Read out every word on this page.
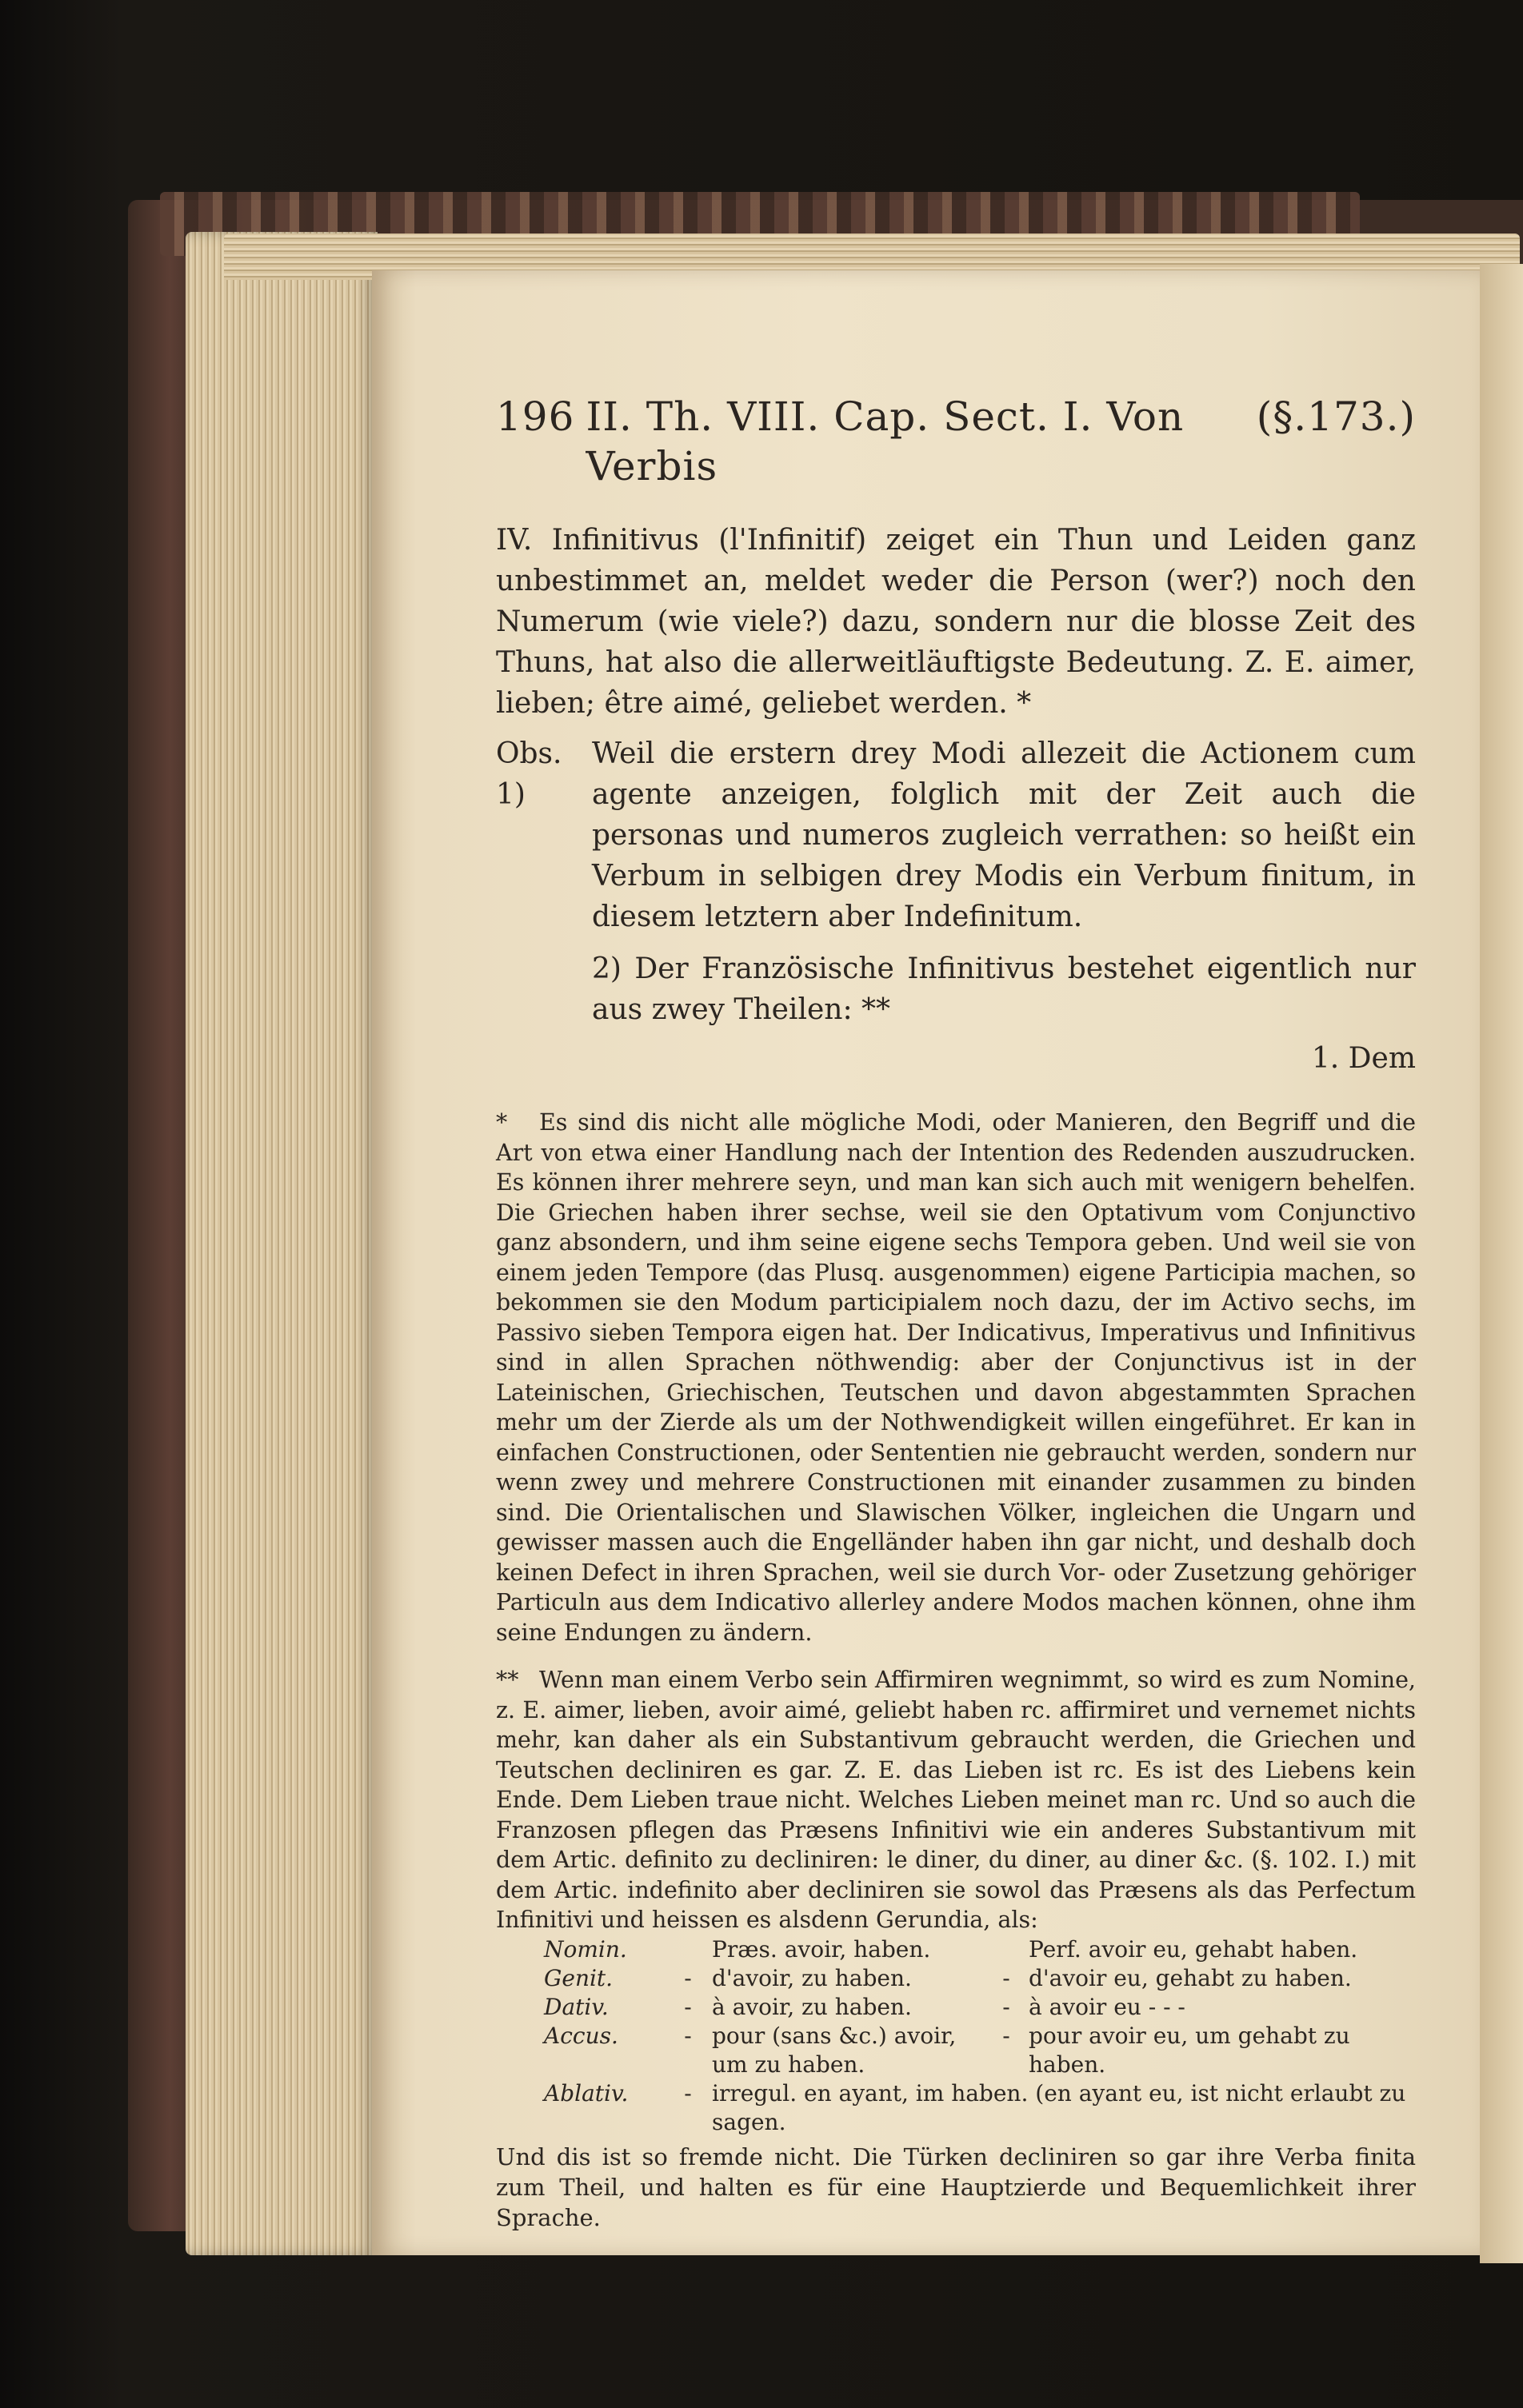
196 II. Th. VIII. Cap. Sect. I. Von Verbis
(§.173.)

IV. Infinitivus (l'Infinitif) zeiget ein Thun und Leiden ganz unbestimmet an, meldet weder die Person (wer?) noch den Numerum (wie viele?) dazu, sondern nur die blosse Zeit des Thuns, hat also die allerweitläuftigste Bedeutung. Z. E. aimer, lieben; être aimé, geliebet werden. *

Obs. 1)
Weil die erstern drey Modi allezeit die Actionem cum agente anzeigen, folglich mit der Zeit auch die personas und numeros zugleich verrathen: so heißt ein Verbum in selbigen drey Modis ein Verbum finitum, in diesem letztern aber Indefinitum.

2) Der Französische Infinitivus bestehet eigentlich nur aus zwey Theilen: **

1. Dem

* Es sind dis nicht alle mögliche Modi, oder Manieren, den Begriff und die Art von etwa einer Handlung nach der Intention des Redenden auszudrucken. Es können ihrer mehrere seyn, und man kan sich auch mit wenigern behelfen. Die Griechen haben ihrer sechse, weil sie den Optativum vom Conjunctivo ganz absondern, und ihm seine eigene sechs Tempora geben. Und weil sie von einem jeden Tempore (das Plusq. ausgenommen) eigene Participia machen, so bekommen sie den Modum participialem noch dazu, der im Activo sechs, im Passivo sieben Tempora eigen hat. Der Indicativus, Imperativus und Infinitivus sind in allen Sprachen nöthwendig: aber der Conjunctivus ist in der Lateinischen, Griechischen, Teutschen und davon abgestammten Sprachen mehr um der Zierde als um der Nothwendigkeit willen eingeführet. Er kan in einfachen Constructionen, oder Sententien nie gebraucht werden, sondern nur wenn zwey und mehrere Constructionen mit einander zusammen zu binden sind. Die Orientalischen und Slawischen Völker, ingleichen die Ungarn und gewisser massen auch die Engelländer haben ihn gar nicht, und deshalb doch keinen Defect in ihren Sprachen, weil sie durch Vor- oder Zusetzung gehöriger Particuln aus dem Indicativo allerley andere Modos machen können, ohne ihm seine Endungen zu ändern.

** Wenn man einem Verbo sein Affirmiren wegnimmt, so wird es zum Nomine, z. E. aimer, lieben, avoir aimé, geliebt haben rc. affirmiret und vernemet nichts mehr, kan daher als ein Substantivum gebraucht werden, die Griechen und Teutschen decliniren es gar. Z. E. das Lieben ist rc. Es ist des Liebens kein Ende. Dem Lieben traue nicht. Welches Lieben meinet man rc. Und so auch die Franzosen pflegen das Præsens Infinitivi wie ein anderes Substantivum mit dem Artic. definito zu decliniren: le diner, du diner, au diner &c. (§. 102. I.) mit dem Artic. indefinito aber decliniren sie sowol das Præsens als das Perfectum Infinitivi und heissen es alsdenn Gerundia, als:

Nomin.		Præs. avoir, haben.		Perf. avoir eu, gehabt haben.
Genit.	-	d'avoir, zu haben.	-	d'avoir eu, gehabt zu haben.
Dativ.	-	à avoir, zu haben.	-	à avoir eu - - -
Accus.	-	pour (sans &c.) avoir, um zu haben.	-	pour avoir eu, um gehabt zu haben.
Ablativ.	-	irregul. en ayant, im haben. (en ayant eu, ist nicht erlaubt zu sagen.		

Und dis ist so fremde nicht. Die Türken decliniren so gar ihre Verba finita zum Theil, und halten es für eine Hauptzierde und Bequemlichkeit ihrer Sprache.
